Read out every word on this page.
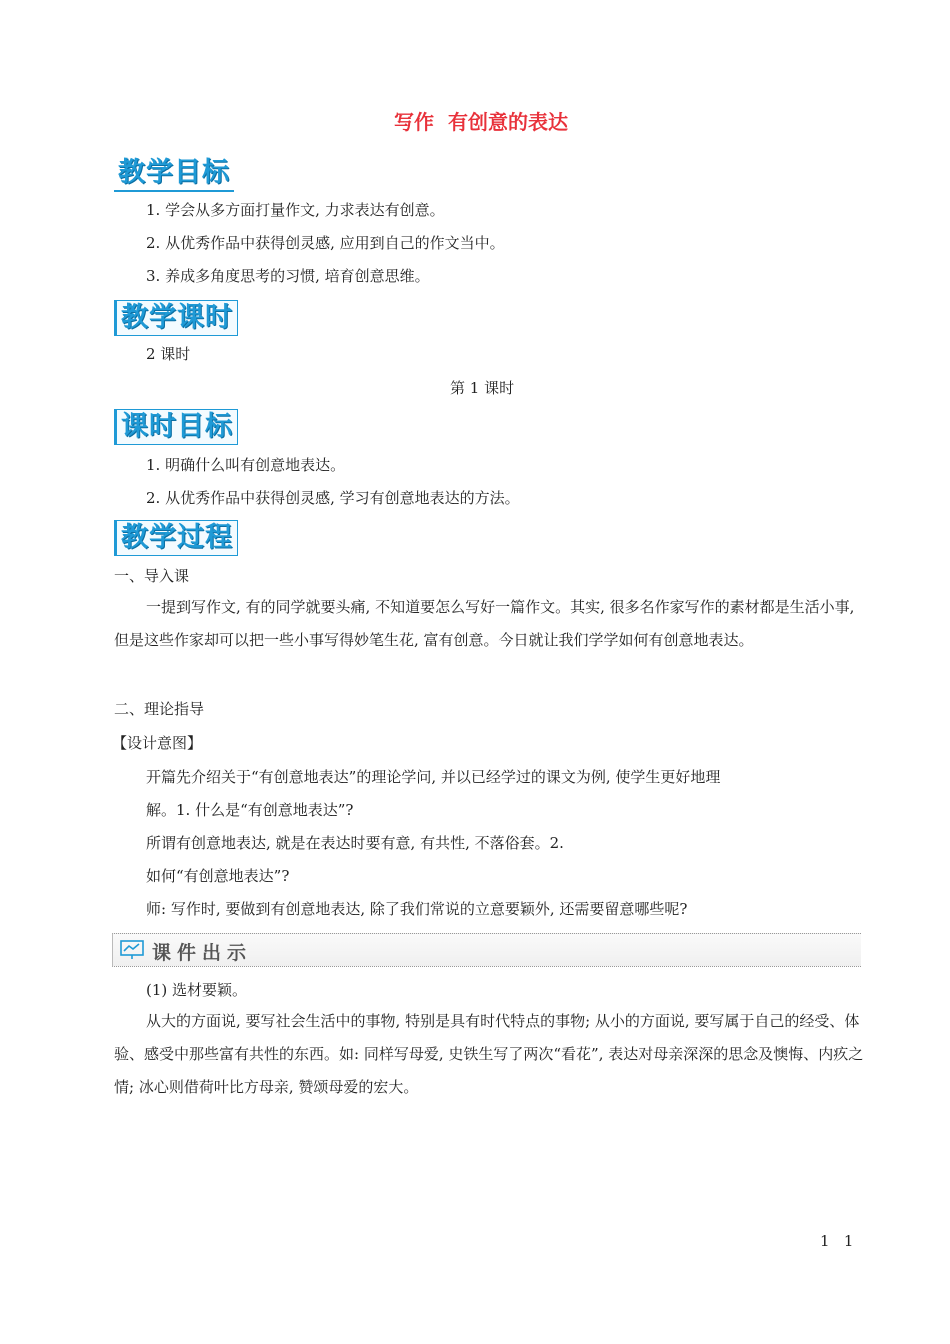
写作  有创意的表达
教学目标
1. 学会从多方面打量作文, 力求表达有创意。
2. 从优秀作品中获得创灵感, 应用到自己的作文当中。
3. 养成多角度思考的习惯, 培育创意思维。
教学课时
2 课时
第 1 课时
课时目标
1. 明确什么叫有创意地表达。
2. 从优秀作品中获得创灵感, 学习有创意地表达的方法。
教学过程
一、导入课
一提到写作文, 有的同学就要头痛, 不知道要怎么写好一篇作文。其实, 很多名作家写作的素材都是生活小事, 但是这些作家却可以把一些小事写得妙笔生花, 富有创意。今日就让我们学学如何有创意地表达。
二、理论指导
【设计意图】
开篇先介绍关于“有创意地表达”的理论学问, 并以已经学过的课文为例, 使学生更好地理
解。1. 什么是“有创意地表达”?
所谓有创意地表达, 就是在表达时要有意, 有共性, 不落俗套。2.
如何“有创意地表达”?
师: 写作时, 要做到有创意地表达, 除了我们常说的立意要颖外, 还需要留意哪些呢?
课件出示
(1) 选材要颖。
从大的方面说, 要写社会生活中的事物, 特别是具有时代特点的事物; 从小的方面说, 要写属于自己的经受、体验、感受中那些富有共性的东西。如: 同样写母爱, 史铁生写了两次“看花”, 表达对母亲深深的思念及懊悔、内疚之情; 冰心则借荷叶比方母亲, 赞颂母爱的宏大。
1   1
